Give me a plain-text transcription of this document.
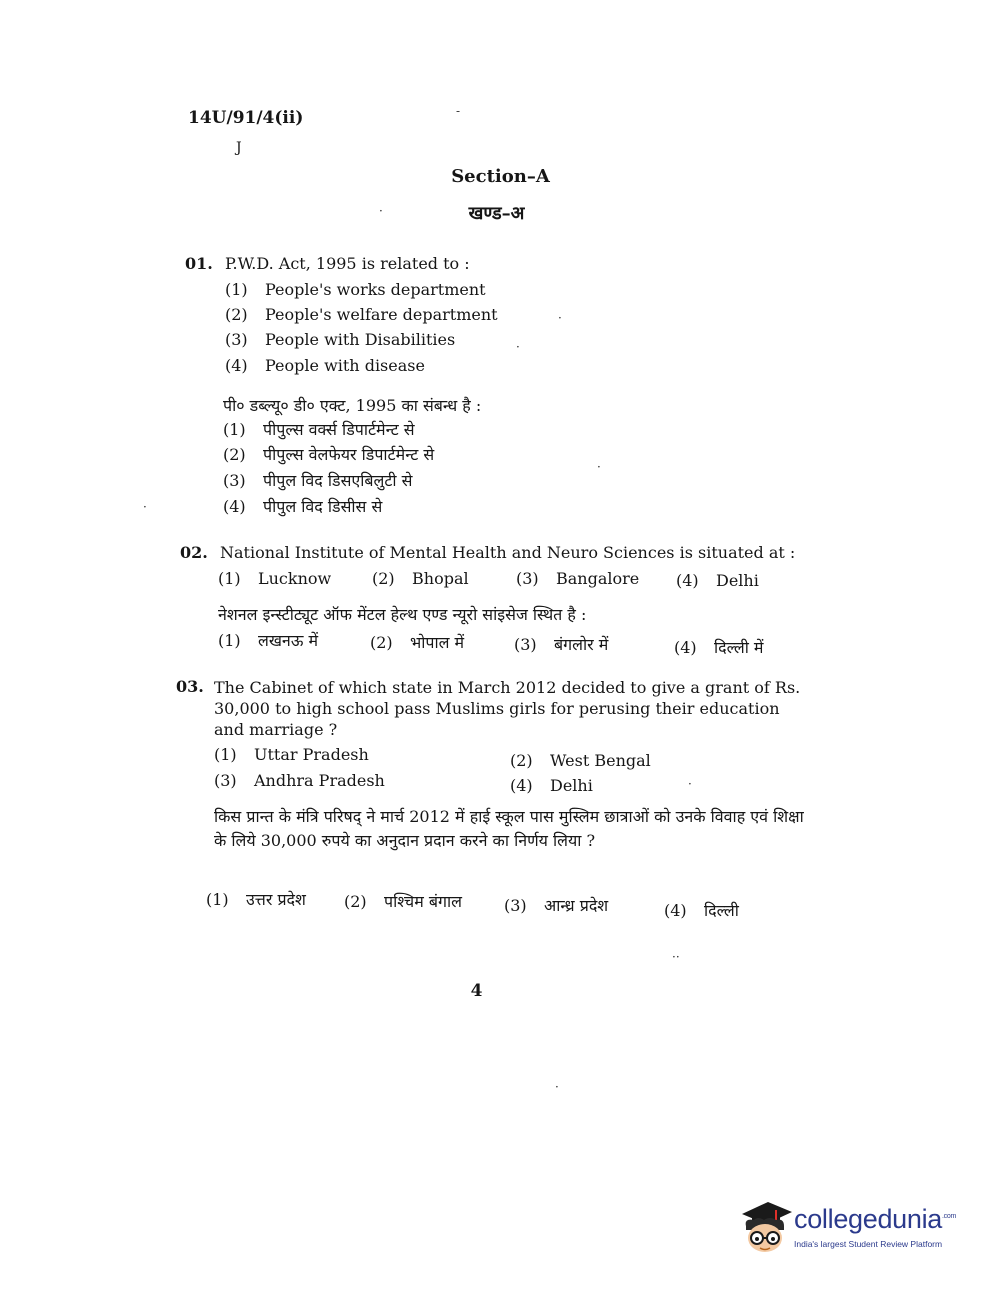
14U/91/4(ii)
J
Section–A
खण्ड–अ
01. P.W.D. Act, 1995 is related to :
(1) People's works department
(2) People's welfare department
(3) People with Disabilities
(4) People with disease
पी० डब्ल्यू० डी० एक्ट, 1995 का संबन्ध है :
(1) पीपुल्स वर्क्स डिपार्टमेन्ट से
(2) पीपुल्स वेलफेयर डिपार्टमेन्ट से
(3) पीपुल विद डिसएबिलुटी से
(4) पीपुल विद डिसीस से
02. National Institute of Mental Health and Neuro Sciences is situated at :
(1) Lucknow	(2) Bhopal	(3) Bangalore (4) Delhi
नेशनल इन्स्टीट्यूट ऑफ मेंटल हेल्थ एण्ड न्यूरो सांइसेज स्थित है :
(1) लखनऊ में	(2) भोपाल में	(3) बंगलोर में	(4) दिल्ली में
03. The Cabinet of which state in March 2012 decided to give a grant of Rs. 30,000 to high school pass Muslims girls for perusing their education and marriage ?
(1) Uttar Pradesh	(2) West Bengal
(3) Andhra Pradesh	(4) Delhi
किस प्रान्त के मंत्रि परिषद् ने मार्च 2012 में हाई स्कूल पास मुस्लिम छात्राओं को उनके विवाह एवं शिक्षा के लिये 30,000 रुपये का अनुदान प्रदान करने का निर्णय लिया ?
(1) उत्तर प्रदेश (2) पश्चिम बंगाल	(3) आन्ध्र प्रदेश	(4) दिल्ली
4
-
·
·
·
·
·
··
·
·
collegedunia$^{.com}$
India's largest Student Review Platform
